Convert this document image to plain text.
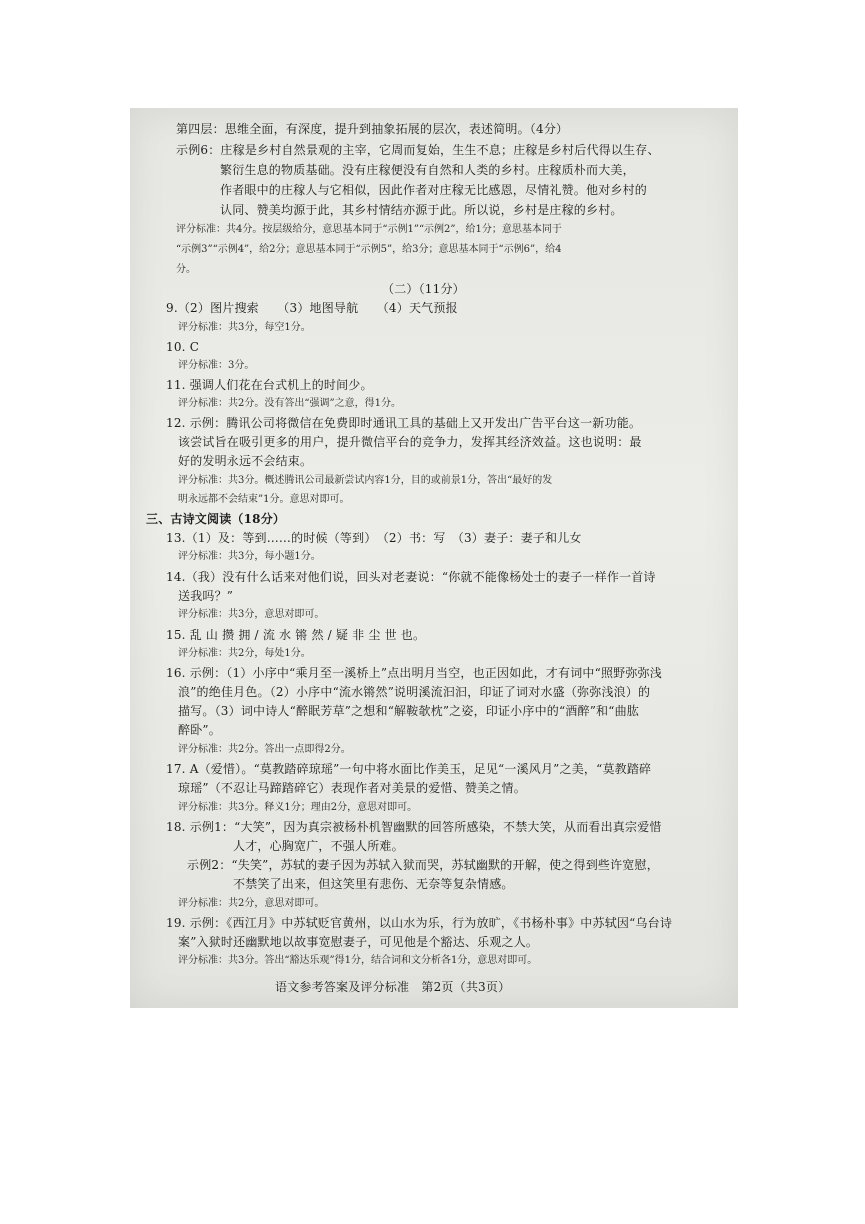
第四层：思维全面，有深度，提升到抽象拓展的层次，表述简明。（4分）
示例6：庄稼是乡村自然景观的主宰，它周而复始，生生不息；庄稼是乡村后代得以生存、
繁衍生息的物质基础。没有庄稼便没有自然和人类的乡村。庄稼质朴而大美，
作者眼中的庄稼人与它相似，因此作者对庄稼无比感恩，尽情礼赞。他对乡村的
认同、赞美均源于此，其乡村情结亦源于此。所以说，乡村是庄稼的乡村。
评分标准：共4分。按层级给分，意思基本同于“示例1”“示例2”，给1分；意思基本同于
“示例3”“示例4”，给2分；意思基本同于“示例5”，给3分；意思基本同于“示例6”，给4
分。
（二）（11分）
9.（2）图片搜索　　（3）地图导航　　（4）天气预报
评分标准：共3分，每空1分。
10. C
评分标准：3分。
11. 强调人们花在台式机上的时间少。
评分标准：共2分。没有答出“强调”之意，得1分。
12. 示例：腾讯公司将微信在免费即时通讯工具的基础上又开发出广告平台这一新功能。
该尝试旨在吸引更多的用户，提升微信平台的竞争力，发挥其经济效益。这也说明：最
好的发明永远不会结束。
评分标准：共3分。概述腾讯公司最新尝试内容1分，目的或前景1分，答出“最好的发
明永远都不会结束”1分。意思对即可。
三、古诗文阅读（18分）
13.（1）及：等到……的时候（等到）　（2）书：写　（3）妻子：妻子和儿女
评分标准：共3分，每小题1分。
14.（我）没有什么话来对他们说，回头对老妻说：“你就不能像杨处士的妻子一样作一首诗
送我吗？”
评分标准：共3分，意思对即可。
15. 乱 山 攒 拥 / 流 水 锵 然 / 疑 非 尘 世 也。
评分标准：共2分，每处1分。
16. 示例：（1）小序中“乘月至一溪桥上”点出明月当空，也正因如此，才有词中“照野弥弥浅
浪”的绝佳月色。（2）小序中“流水锵然”说明溪流汩汩，印证了词对水盛（弥弥浅浪）的
描写。（3）词中诗人“醉眠芳草”之想和“解鞍欹枕”之姿，印证小序中的“酒醉”和“曲肱
醉卧”。
评分标准：共2分。答出一点即得2分。
17. A（爱惜）。“莫教踏碎琼瑶”一句中将水面比作美玉，足见“一溪风月”之美，“莫教踏碎
琼瑶”（不忍让马蹄踏碎它）表现作者对美景的爱惜、赞美之情。
评分标准：共3分。释义1分；理由2分，意思对即可。
18. 示例1：“大笑”，因为真宗被杨朴机智幽默的回答所感染，不禁大笑，从而看出真宗爱惜
人才，心胸宽广，不强人所难。
示例2：“失笑”，苏轼的妻子因为苏轼入狱而哭，苏轼幽默的开解，使之得到些许宽慰，
不禁笑了出来，但这笑里有悲伤、无奈等复杂情感。
评分标准：共2分，意思对即可。
19. 示例：《西江月》中苏轼贬官黄州，以山水为乐，行为放旷，《书杨朴事》中苏轼因“乌台诗
案”入狱时还幽默地以故事宽慰妻子，可见他是个豁达、乐观之人。
评分标准：共3分。答出“豁达乐观”得1分，结合词和文分析各1分，意思对即可。
语文参考答案及评分标准　第2页（共3页）
